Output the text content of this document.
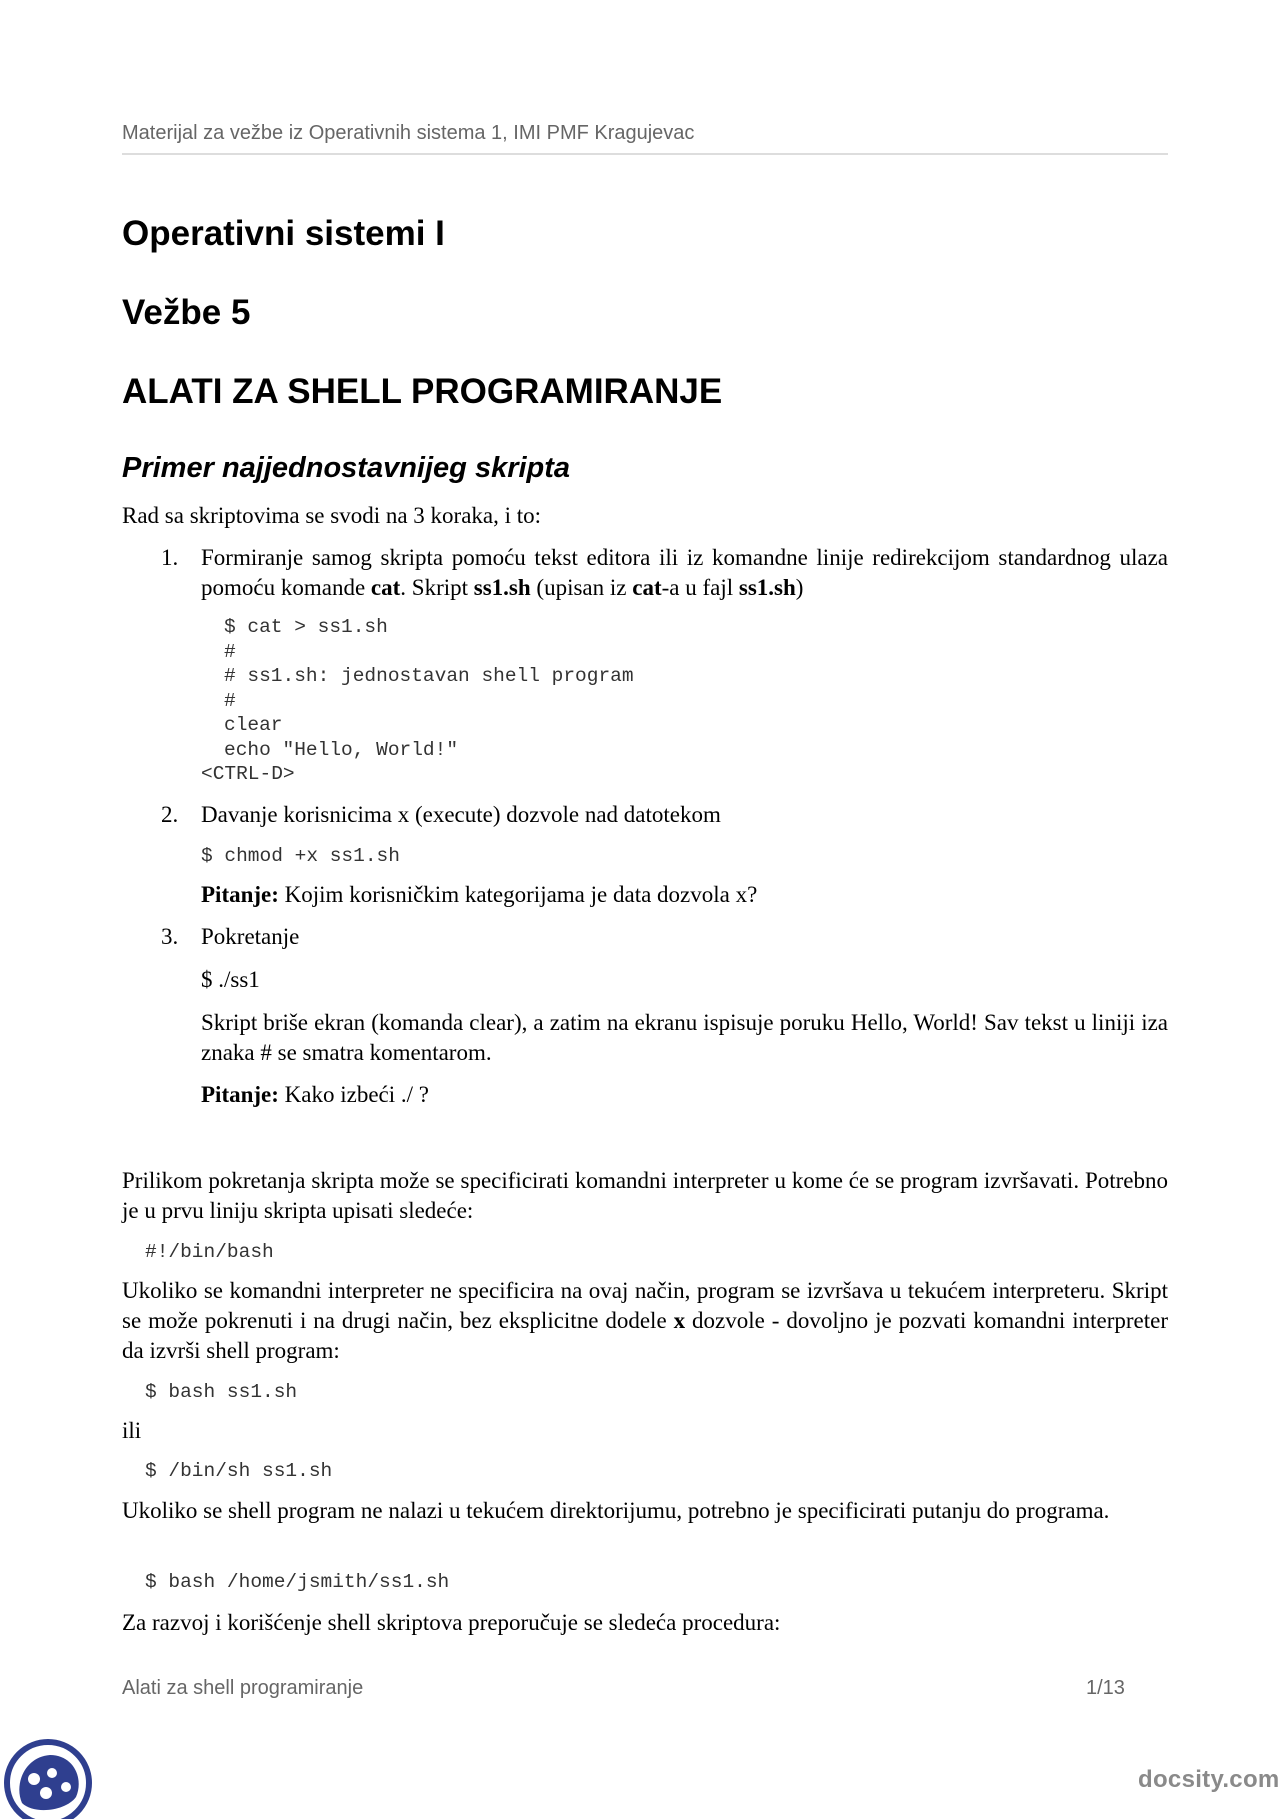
Materijal za vežbe iz Operativnih sistema 1, IMI PMF Kragujevac
Operativni sistemi I
Vežbe 5
ALATI ZA SHELL PROGRAMIRANJE
Primer najjednostavnijeg skripta

Rad sa skriptovima se svodi na 3 koraka, i to:

1. Formiranje samog skripta pomoću tekst editora ili iz komandne linije redirekcijom standardnog ulaza pomoću komande cat. Skript ss1.sh (upisan iz cat-a u fajl ss1.sh)

$ cat > ss1.sh
#
# ss1.sh: jednostavan shell program
#
clear
echo "Hello, World!"
<CTRL-D>
2. Davanje korisnicima x (execute) dozvole nad datotekom

$ chmod +x ss1.sh

Pitanje: Kojim korisničkim kategorijama je data dozvola x?

3. Pokretanje

$ ./ss1

Skript briše ekran (komanda clear), a zatim na ekranu ispisuje poruku Hello, World! Sav tekst u liniji iza znaka # se smatra komentarom.

Pitanje: Kako izbeći ./ ?

Prilikom pokretanja skripta može se specificirati komandni interpreter u kome će se program izvršavati. Potrebno je u prvu liniju skripta upisati sledeće:

#!/bin/bash

Ukoliko se komandni interpreter ne specificira na ovaj način, program se izvršava u tekućem interpreteru. Skript se može pokrenuti i na drugi način, bez eksplicitne dodele x dozvole - dovoljno je pozvati komandni interpreter da izvrši shell program:

$ bash ss1.sh

ili

$ /bin/sh ss1.sh

Ukoliko se shell program ne nalazi u tekućem direktorijumu, potrebno je specificirati putanju do programa.

$ bash /home/jsmith/ss1.sh

Za razvoj i korišćenje shell skriptova preporučuje se sledeća procedura:

Alati za shell programiranje	1/13
docsity.com
